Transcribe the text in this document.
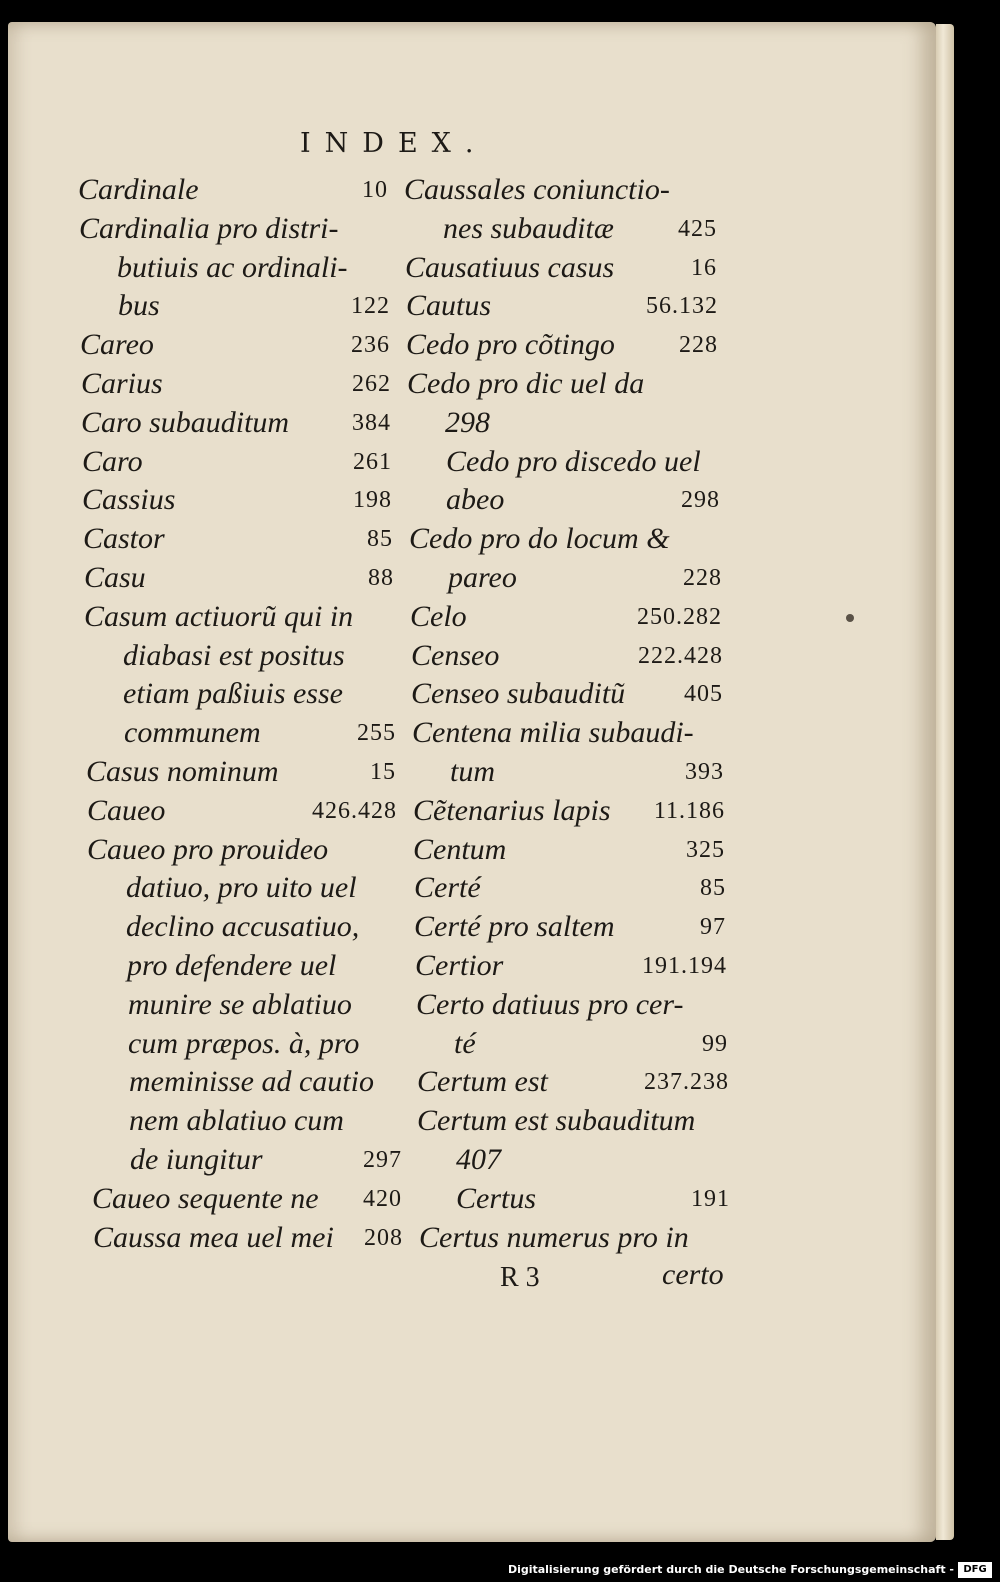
INDEX.
Cardinale	10
Cardinalia pro distri-
butiuis ac ordinali-
bus	122
Careo	236
Carius	262
Caro subauditum	384
Caro	261
Cassius	198
Castor	85
Casu	88
Casum actiuorũ qui in
diabasi est positus
etiam paßiuis esse
communem	255
Casus nominum	15
Caueo	426.428
Caueo pro prouideo
datiuo, pro uito uel
declino accusatiuo,
pro defendere uel
munire se ablatiuo
cum præpos. à, pro
meminisse ad cautio
nem ablatiuo cum
de iungitur	297
Caueo sequente ne 420
Caussa mea uel mei 208
Caussales coniunctio-
nes subauditæ	425
Causatiuus casus	16
Cautus	56.132
Cedo pro cõtingo	228
Cedo pro dic uel da
298
Cedo pro discedo uel
abeo	298
Cedo pro do locum &
pareo	228
Celo	250.282
Censeo	222.428
Censeo subauditũ 405
Centena milia subaudi-
tum	393
Cẽtenarius lapis 11.186
Centum	325
Certé	85
Certé pro saltem	97
Certior	191.194
Certo datiuus pro cer-
té	99
Certum est	237.238
Certum est subauditum
407
Certus	191
Certus numerus pro in
R 3	certo
Digitalisierung gefördert durch die Deutsche Forschungsgemeinschaft - DFG
